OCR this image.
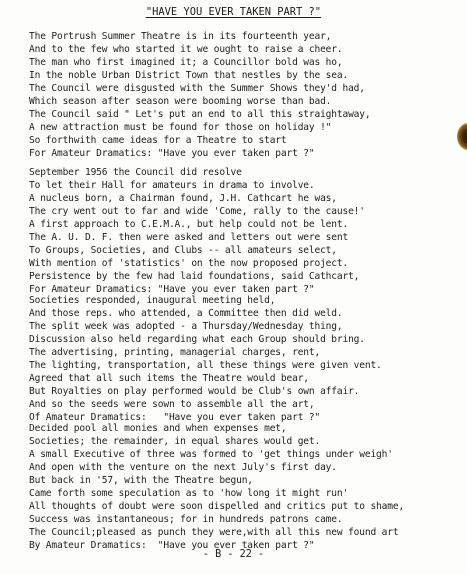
"HAVE YOU EVER TAKEN PART ?"
The Portrush Summer Theatre is in its fourteenth year,
And to the few who started it we ought to raise a cheer.
The man who first imagined it; a Councillor bold was ho,
In the noble Urban District Town that nestles by the sea.
The Council were disgusted with the Summer Shows they'd had,
Which season after season were booming worse than bad.
The Council said " Let's put an end to all this straightaway,
A new attraction must be found for those on holiday !"
So forthwith came ideas for a Theatre to start
For Amateur Dramatics: "Have you ever taken part ?"
September 1956 the Council did resolve
To let their Hall for amateurs in drama to involve.
A nucleus born, a Chairman found, J.H. Cathcart he was,
The cry went out to far and wide 'Come, rally to the cause!'
A first approach to C.E.M.A., but help could not be lent.
The A. U. D. F. then were asked and letters out were sent
To Groups, Societies, and Clubs -- all amateurs select,
With mention of 'statistics' on the now proposed project.
Persistence by the few had laid foundations, said Cathcart,
For Amateur Dramatics: "Have you ever taken part ?"
Societies responded, inaugural meeting held,
And those reps. who attended, a Committee then did weld.
The split week was adopted - a Thursday/Wednesday thing,
Discussion also held regarding what each Group should bring.
The advertising, printing, managerial charges, rent,
The lighting, transportation, all these things were given vent.
Agreed that all such items the Theatre would bear,
But Royalties on play performed would be Club's own affair.
And so the seeds were sown to assemble all the art,
Of Amateur Dramatics:   "Have you ever taken part ?"
Decided pool all monies and when expenses met,
Societies; the remainder, in equal shares would get.
A small Executive of three was formed to 'get things under weigh'
And open with the venture on the next July's first day.
But back in '57, with the Theatre begun,
Came forth some speculation as to 'how long it might run'
All thoughts of doubt were soon dispelled and critics put to shame,
Success was instantaneous; for in hundreds patrons came.
The Council;pleased as punch they were,with all this new found art
By Amateur Dramatics:  "Have you ever taken part ?"
- B - 22 -
